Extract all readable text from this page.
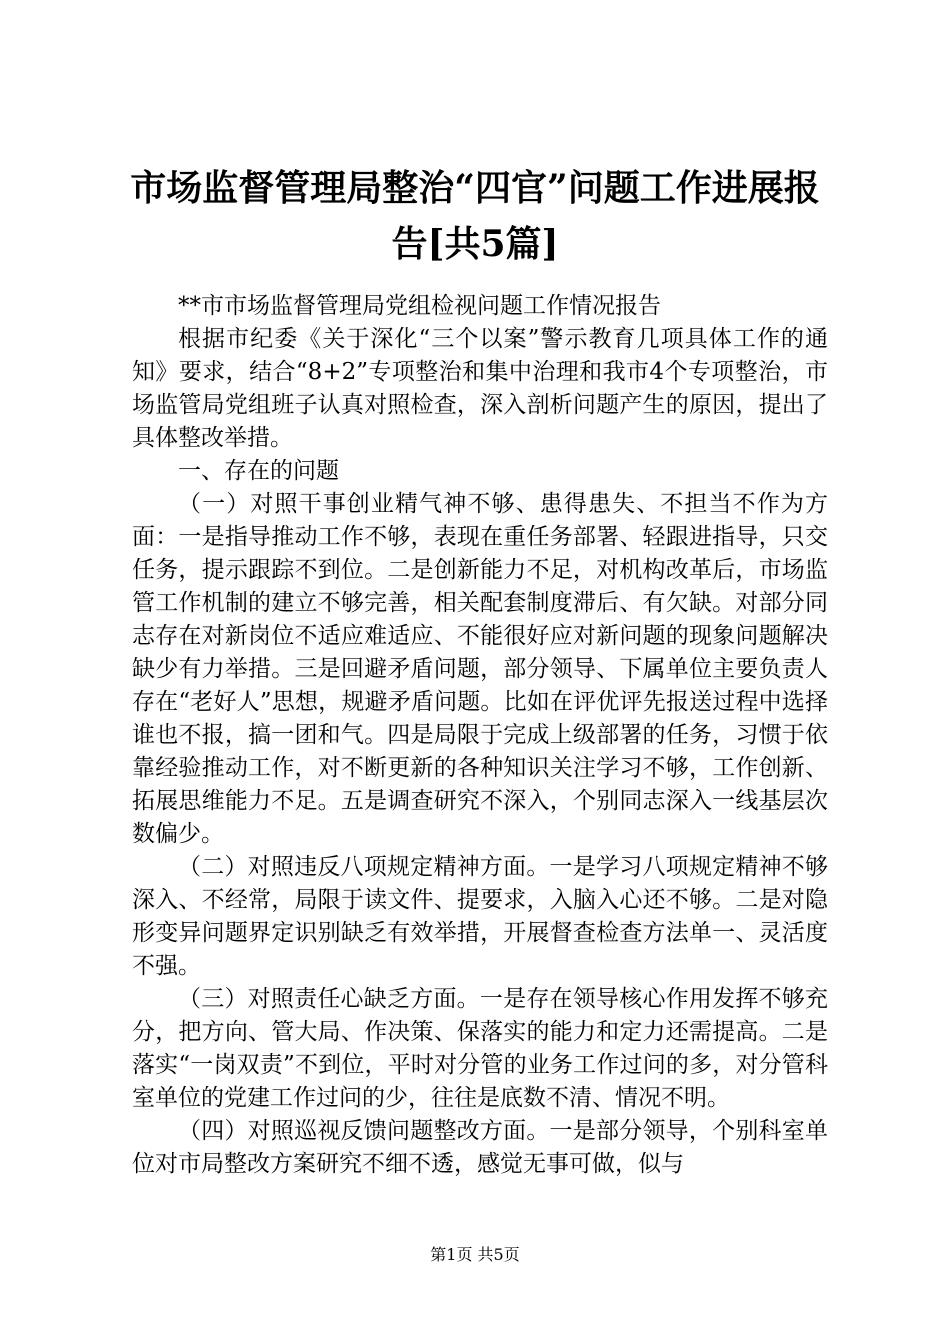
市场监督管理局整治“四官”问题工作进展报告[共5篇]

**市市场监督管理局党组检视问题工作情况报告

根据市纪委《关于深化“三个以案”警示教育几项具体工作的通知》要求，结合“8+2”专项整治和集中治理和我市4个专项整治，市场监管局党组班子认真对照检查，深入剖析问题产生的原因，提出了具体整改举措。

一、存在的问题

（一）对照干事创业精气神不够、患得患失、不担当不作为方面：一是指导推动工作不够，表现在重任务部署、轻跟进指导，只交任务，提示跟踪不到位。二是创新能力不足，对机构改革后，市场监管工作机制的建立不够完善，相关配套制度滞后、有欠缺。对部分同志存在对新岗位不适应难适应、不能很好应对新问题的现象问题解决缺少有力举措。三是回避矛盾问题，部分领导、下属单位主要负责人存在“老好人”思想，规避矛盾问题。比如在评优评先报送过程中选择谁也不报，搞一团和气。四是局限于完成上级部署的任务，习惯于依靠经验推动工作，对不断更新的各种知识关注学习不够，工作创新、拓展思维能力不足。五是调查研究不深入，个别同志深入一线基层次数偏少。

（二）对照违反八项规定精神方面。一是学习八项规定精神不够深入、不经常，局限于读文件、提要求，入脑入心还不够。二是对隐形变异问题界定识别缺乏有效举措，开展督查检查方法单一、灵活度不强。

（三）对照责任心缺乏方面。一是存在领导核心作用发挥不够充分，把方向、管大局、作决策、保落实的能力和定力还需提高。二是落实“一岗双责”不到位，平时对分管的业务工作过问的多，对分管科室单位的党建工作过问的少，往往是底数不清、情况不明。

（四）对照巡视反馈问题整改方面。一是部分领导，个别科室单位对市局整改方案研究不细不透，感觉无事可做，似与

第1页 共5页
